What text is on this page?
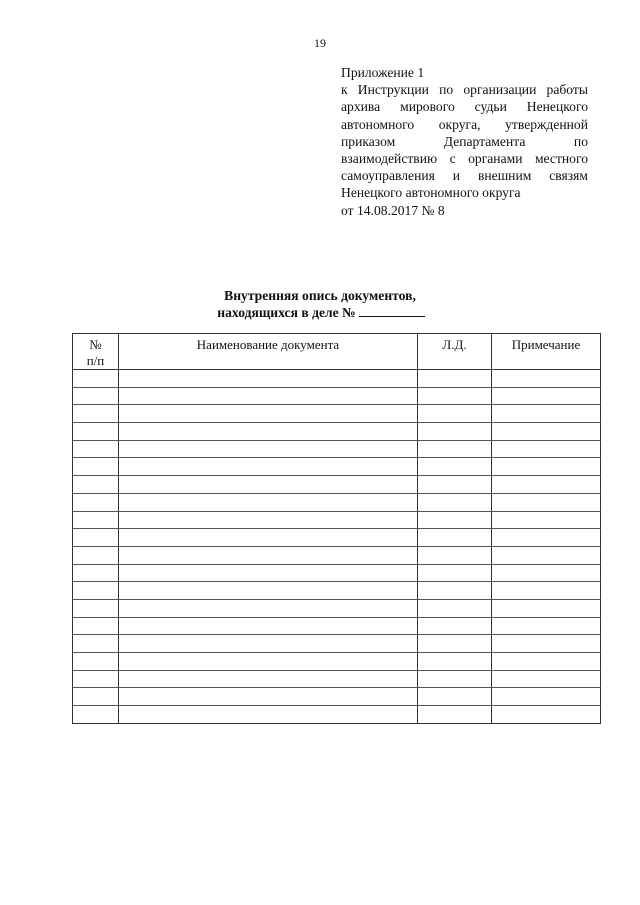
19
Приложение 1
к Инструкции по организации работы
архива мирового судьи Ненецкого
автономного округа, утвержденной
приказом Департамента по
взаимодействию с органами местного
самоуправления и внешним связям
Ненецкого автономного округа
от 14.08.2017 № 8
Внутренняя опись документов,
находящихся в деле №
№
п/п	Наименование документа	Л.Д.	Примечание
